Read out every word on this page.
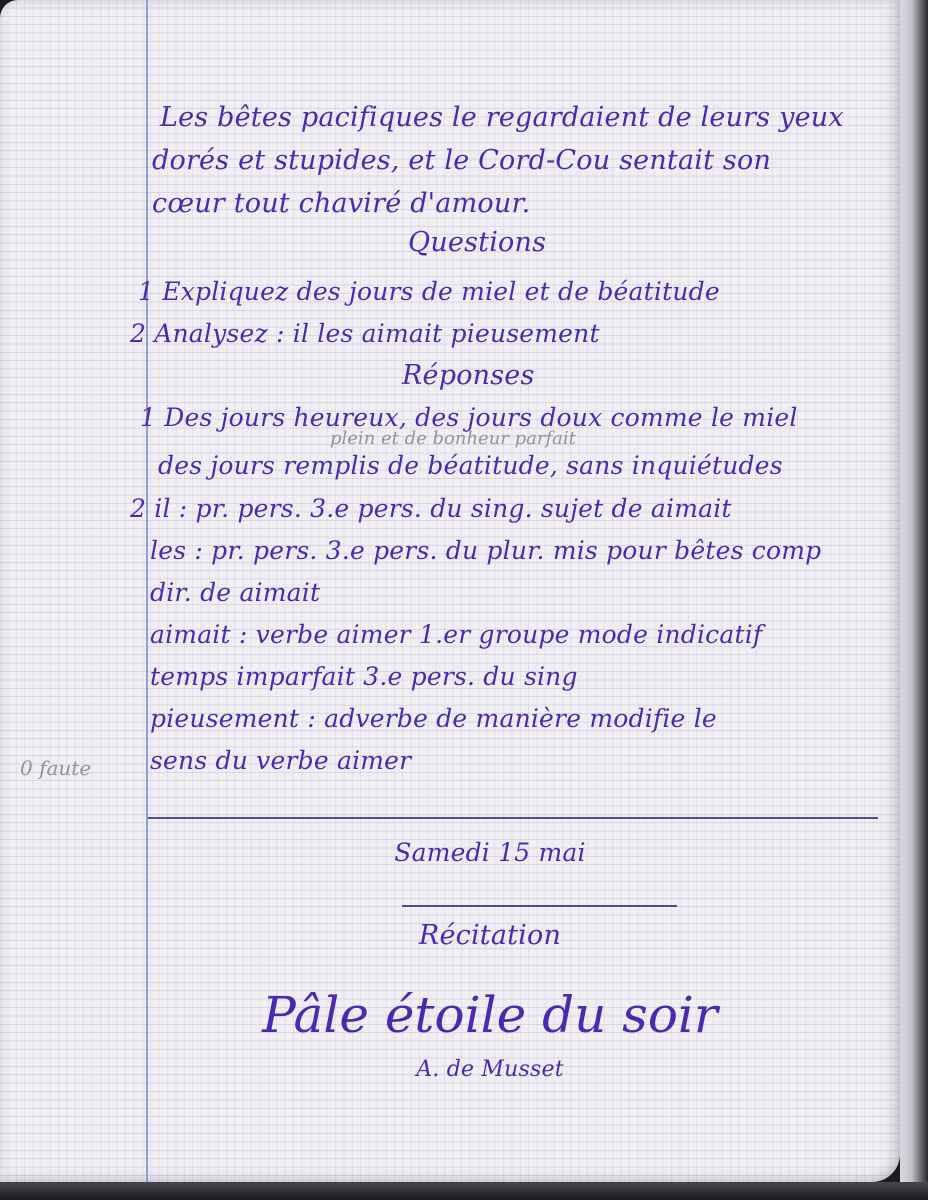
Les bêtes pacifiques le regardaient de leurs yeux
dorés et stupides, et le Cord-Cou sentait son
cœur tout chaviré d'amour.
Questions
1 Expliquez des jours de miel et de béatitude
2 Analysez : il les aimait pieusement
Réponses
1 Des jours heureux, des jours doux comme le miel
plein et de bonheur parfait
des jours remplis de béatitude, sans inquiétudes
2 il : pr. pers. 3.e pers. du sing. sujet de aimait
les : pr. pers. 3.e pers. du plur. mis pour bêtes comp
dir. de aimait
aimait : verbe aimer 1.er groupe mode indicatif
temps imparfait 3.e pers. du sing
pieusement : adverbe de manière modifie le
sens du verbe aimer
0 faute
Samedi 15 mai
Récitation
Pâle étoile du soir
A. de Musset
